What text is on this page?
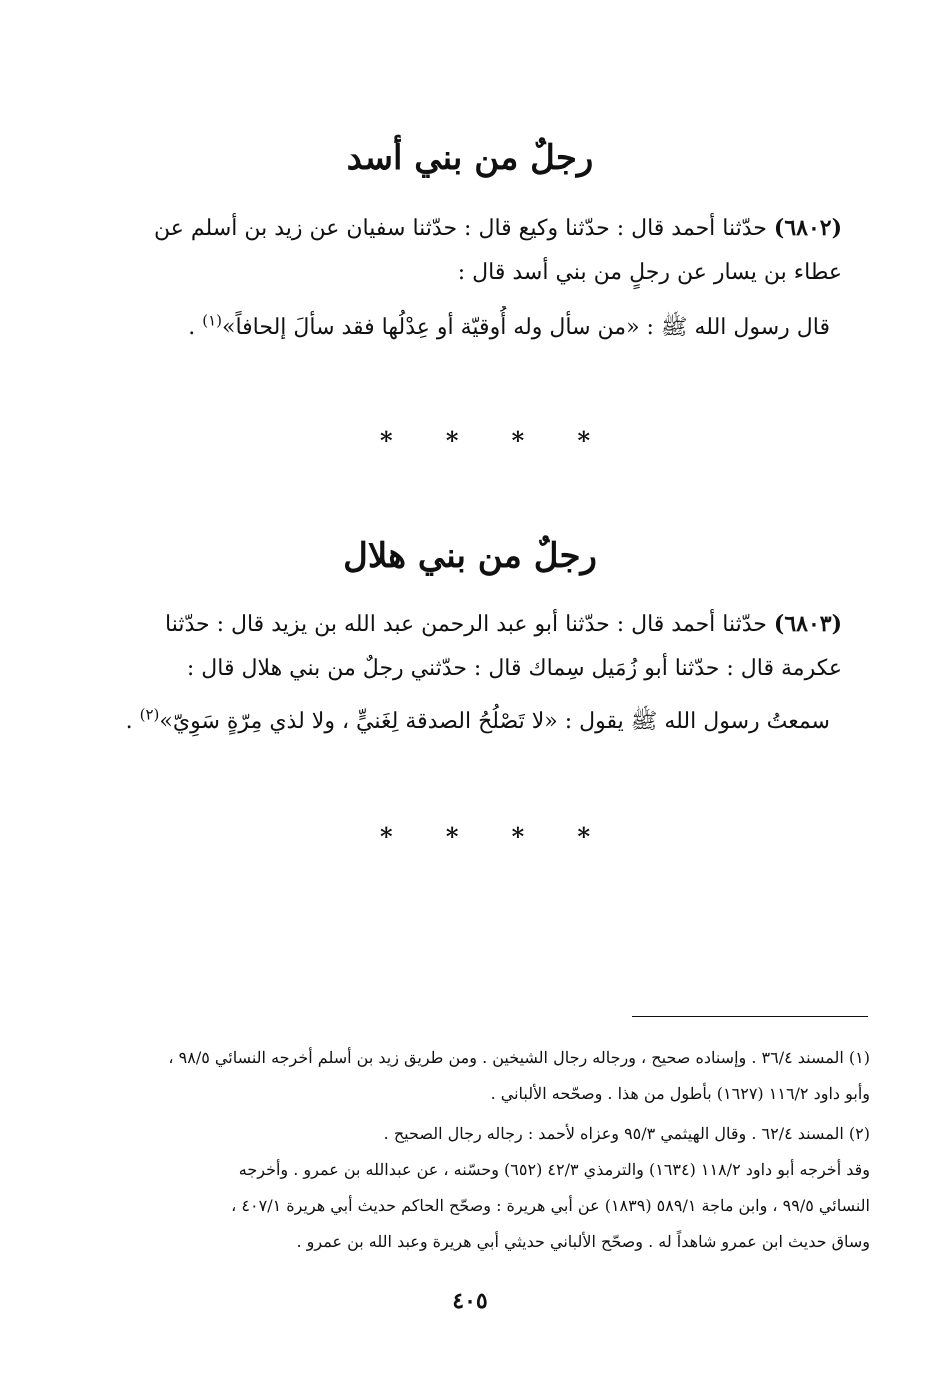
رجلٌ من بني أسد
(٦٨٠٢) حدّثنا أحمد قال : حدّثنا وكيع قال : حدّثنا سفيان عن زيد بن أسلم عن
عطاء بن يسار عن رجلٍ من بني أسد قال :
قال رسول الله ﷺ : «من سأل وله أُوقيّة أو عِدْلُها فقد سألَ إلحافاً»$^{(١)}$ .
*
*
*
*
رجلٌ من بني هلال
(٦٨٠٣) حدّثنا أحمد قال : حدّثنا أبو عبد الرحمن عبد الله بن يزيد قال : حدّثنا
عكرمة قال : حدّثنا أبو زُمَيل سِماك قال : حدّثني رجلٌ من بني هلال قال :
سمعتُ رسول الله ﷺ يقول : «لا تَصْلُحُ الصدقة لِغَنيٍّ ، ولا لذي مِرّةٍ سَوِيّ»$^{(٢)}$ .
*
*
*
*
(١) المسند ٣٦/٤ . وإسناده صحيح ، ورجاله رجال الشيخين . ومن طريق زيد بن أسلم أخرجه النسائي ٩٨/٥ ،
وأبو داود ١١٦/٢ (١٦٢٧) بأطول من هذا . وصحّحه الألباني .
(٢) المسند ٦٢/٤ . وقال الهيثمي ٩٥/٣ وعزاه لأحمد : رجاله رجال الصحيح .
وقد أخرجه أبو داود ١١٨/٢ (١٦٣٤) والترمذي ٤٢/٣ (٦٥٢) وحسّنه ، عن عبدالله بن عمرو . وأخرجه
النسائي ٩٩/٥ ، وابن ماجة ٥٨٩/١ (١٨٣٩) عن أبي هريرة : وصحّح الحاكم حديث أبي هريرة ٤٠٧/١ ،
وساق حديث ابن عمرو شاهداً له . وصحّح الألباني حديثي أبي هريرة وعبد الله بن عمرو .
٤٠٥
